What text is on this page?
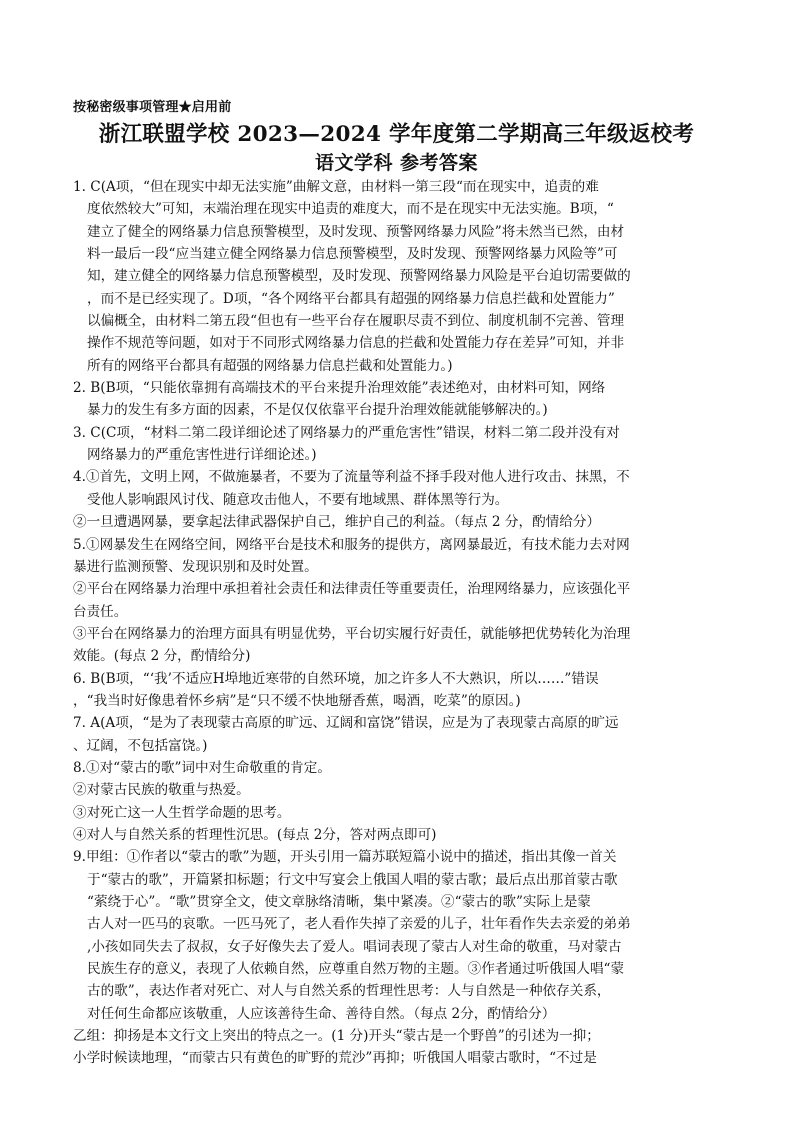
按秘密级事项管理★启用前
浙江联盟学校 2023—2024 学年度第二学期高三年级返校考
语文学科 参考答案
1. C(A项，“但在现实中却无法实施”曲解文意，由材料一第三段“而在现实中，追责的难
度依然较大”可知，末端治理在现实中追责的难度大，而不是在现实中无法实施。B项，“
建立了健全的网络暴力信息预警模型，及时发现、预警网络暴力风险”将未然当已然，由材
料一最后一段“应当建立健全网络暴力信息预警模型，及时发现、预警网络暴力风险等”可
知，建立健全的网络暴力信息预警模型，及时发现、预警网络暴力风险是平台迫切需要做的
，而不是已经实现了。D项，“各个网络平台都具有超强的网络暴力信息拦截和处置能力”
以偏概全，由材料二第五段“但也有一些平台存在履职尽责不到位、制度机制不完善、管理
操作不规范等问题，如对于不同形式网络暴力信息的拦截和处置能力存在差异”可知，并非
所有的网络平台都具有超强的网络暴力信息拦截和处置能力。)
2. B(B项，“只能依靠拥有高端技术的平台来提升治理效能”表述绝对，由材料可知，网络
暴力的发生有多方面的因素，不是仅仅依靠平台提升治理效能就能够解决的。)
3. C(C项，“材料二第二段详细论述了网络暴力的严重危害性”错误，材料二第二段并没有对
网络暴力的严重危害性进行详细论述。)
4.①首先，文明上网，不做施暴者，不要为了流量等利益不择手段对他人进行攻击、抹黑，不
受他人影响跟风讨伐、随意攻击他人，不要有地域黑、群体黑等行为。
②一旦遭遇网暴，要拿起法律武器保护自己，维护自己的利益。（每点 2 分，酌情给分）
5.①网暴发生在网络空间，网络平台是技术和服务的提供方，离网暴最近，有技术能力去对网
暴进行监测预警、发现识别和及时处置。
②平台在网络暴力治理中承担着社会责任和法律责任等重要责任，治理网络暴力，应该强化平
台责任。
③平台在网络暴力的治理方面具有明显优势，平台切实履行好责任，就能够把优势转化为治理
效能。(每点 2 分，酌情给分)
6. B(B项，“‘我’不适应H埠地近寒带的自然环境，加之许多人不大熟识，所以……”错误
，“我当时好像患着怀乡病”是“只不缓不快地掰香蕉，喝酒，吃菜”的原因。)
7. A(A项，“是为了表现蒙古高原的旷远、辽阔和富饶”错误，应是为了表现蒙古高原的旷远
、辽阔，不包括富饶。)
8.①对“蒙古的歌”词中对生命敬重的肯定。
②对蒙古民族的敬重与热爱。
③对死亡这一人生哲学命题的思考。
④对人与自然关系的哲理性沉思。(每点 2分，答对两点即可)
9.甲组：①作者以“蒙古的歌”为题，开头引用一篇苏联短篇小说中的描述，指出其像一首关
于“蒙古的歌”，开篇紧扣标题；行文中写宴会上俄国人唱的蒙古歌；最后点出那首蒙古歌
“萦绕于心”。“歌”贯穿全文，使文章脉络清晰，集中紧凑。②“蒙古的歌”实际上是蒙
古人对一匹马的哀歌。一匹马死了，老人看作失掉了亲爱的儿子，壮年看作失去亲爱的弟弟
,小孩如同失去了叔叔，女子好像失去了爱人。唱词表现了蒙古人对生命的敬重，马对蒙古
民族生存的意义，表现了人依赖自然，应尊重自然万物的主题。③作者通过听俄国人唱“蒙
古的歌”，表达作者对死亡、对人与自然关系的哲理性思考：人与自然是一种依存关系，
对任何生命都应该敬重，人应该善待生命、善待自然。（每点 2分，酌情给分）
乙组：抑扬是本文行文上突出的特点之一。(1 分)开头“蒙古是一个野兽”的引述为一抑；
小学时候读地理，“而蒙古只有黄色的旷野的荒沙”再抑；听俄国人唱蒙古歌时，“不过是
